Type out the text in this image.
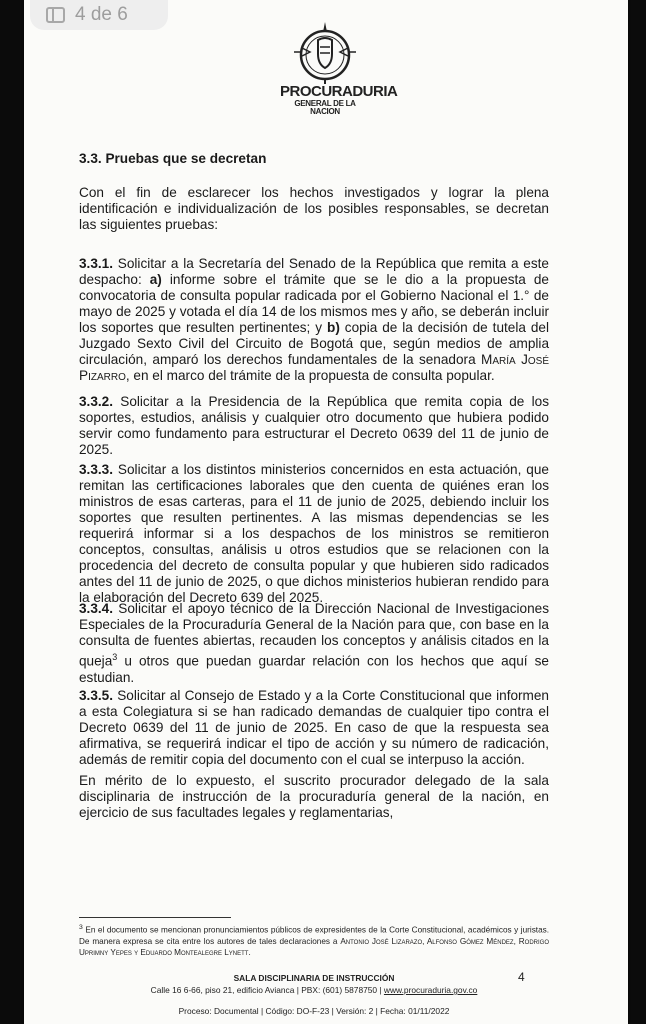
4 de 6
PROCURADURIA
GENERAL DE LA NACION

3.3. Pruebas que se decretan

Con el fin de esclarecer los hechos investigados y lograr la plena identificación e individualización de los posibles responsables, se decretan las siguientes pruebas:

3.3.1. Solicitar a la Secretaría del Senado de la República que remita a este despacho: a) informe sobre el trámite que se le dio a la propuesta de convocatoria de consulta popular radicada por el Gobierno Nacional el 1.° de mayo de 2025 y votada el día 14 de los mismos mes y año, se deberán incluir los soportes que resulten pertinentes; y b) copia de la decisión de tutela del Juzgado Sexto Civil del Circuito de Bogotá que, según medios de amplia circulación, amparó los derechos fundamentales de la senadora María José Pizarro, en el marco del trámite de la propuesta de consulta popular.

3.3.2. Solicitar a la Presidencia de la República que remita copia de los soportes, estudios, análisis y cualquier otro documento que hubiera podido servir como fundamento para estructurar el Decreto 0639 del 11 de junio de 2025.

3.3.3. Solicitar a los distintos ministerios concernidos en esta actuación, que remitan las certificaciones laborales que den cuenta de quiénes eran los ministros de esas carteras, para el 11 de junio de 2025, debiendo incluir los soportes que resulten pertinentes. A las mismas dependencias se les requerirá informar si a los despachos de los ministros se remitieron conceptos, consultas, análisis u otros estudios que se relacionen con la procedencia del decreto de consulta popular y que hubieren sido radicados antes del 11 de junio de 2025, o que dichos ministerios hubieran rendido para la elaboración del Decreto 639 del 2025.

3.3.4. Solicitar el apoyo técnico de la Dirección Nacional de Investigaciones Especiales de la Procuraduría General de la Nación para que, con base en la consulta de fuentes abiertas, recauden los conceptos y análisis citados en la queja$^3$ u otros que puedan guardar relación con los hechos que aquí se estudian.

3.3.5. Solicitar al Consejo de Estado y a la Corte Constitucional que informen a esta Colegiatura si se han radicado demandas de cualquier tipo contra el Decreto 0639 del 11 de junio de 2025. En caso de que la respuesta sea afirmativa, se requerirá indicar el tipo de acción y su número de radicación, además de remitir copia del documento con el cual se interpuso la acción.

En mérito de lo expuesto, el suscrito procurador delegado de la sala disciplinaria de instrucción de la procuraduría general de la nación, en ejercicio de sus facultades legales y reglamentarias,

$^3$ En el documento se mencionan pronunciamientos públicos de expresidentes de la Corte Constitucional, académicos y juristas. De manera expresa se cita entre los autores de tales declaraciones a Antonio José Lizarazo, Alfonso Gómez Méndez, Rodrigo Uprimny Yepes y Eduardo Montealegre Lynett.
SALA DISCIPLINARIA DE INSTRUCCIÓN
Calle 16 6-66, piso 21, edificio Avianca | PBX: (601) 5878750 | www.procuraduria.gov.co
Proceso: Documental | Código: DO-F-23 | Versión: 2 | Fecha: 01/11/2022
4
